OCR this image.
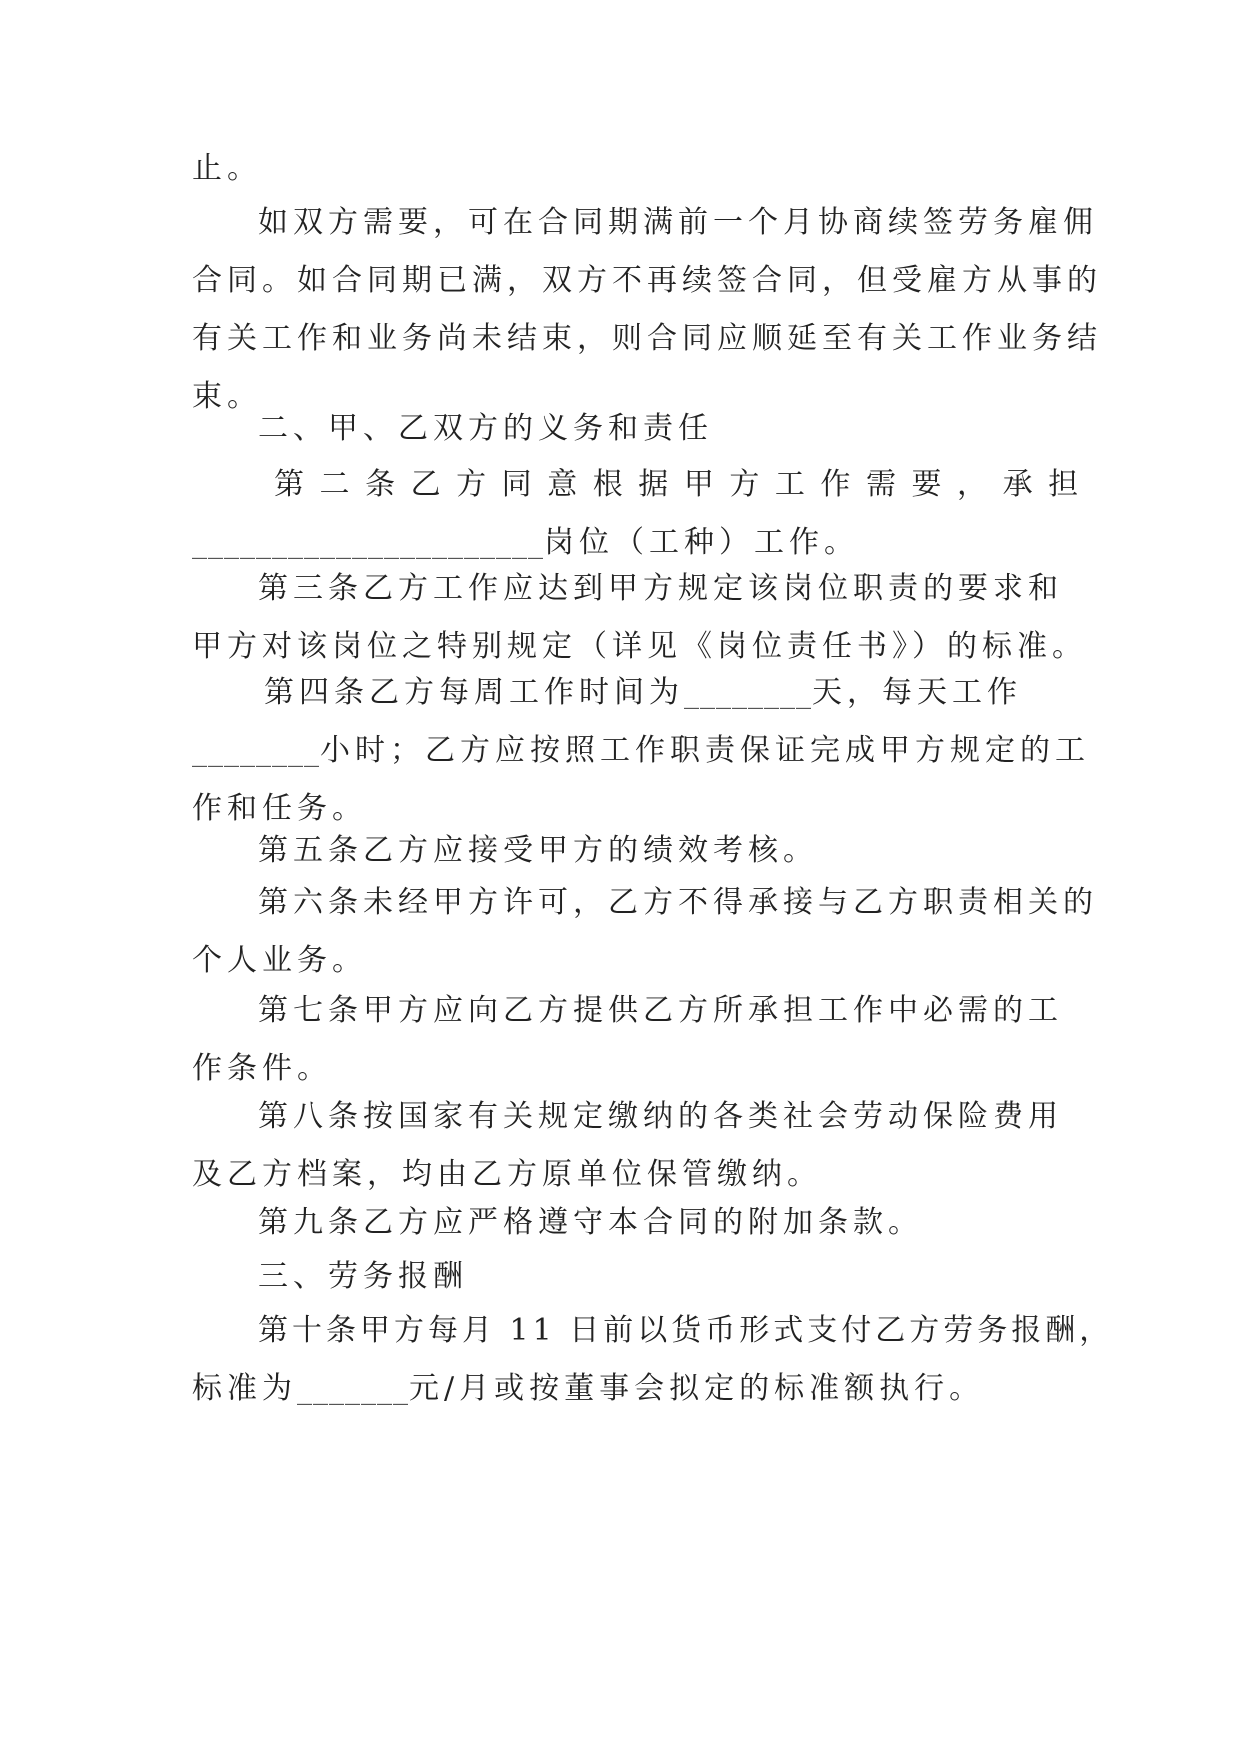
止。
如双方需要，可在合同期满前一个月协商续签劳务雇佣
合同。如合同期已满，双方不再续签合同，但受雇方从事的
有关工作和业务尚未结束，则合同应顺延至有关工作业务结
束。
二、甲、乙双方的义务和责任
第 二 条 乙 方 同 意 根 据 甲 方 工 作 需 要 ， 承 担
______________________岗位（工种）工作。
第三条乙方工作应达到甲方规定该岗位职责的要求和
甲方对该岗位之特别规定（详见《岗位责任书》）的标准。
第四条乙方每周工作时间为________天，每天工作
________小时；乙方应按照工作职责保证完成甲方规定的工
作和任务。
第五条乙方应接受甲方的绩效考核。
第六条未经甲方许可，乙方不得承接与乙方职责相关的
个人业务。
第七条甲方应向乙方提供乙方所承担工作中必需的工
作条件。
第八条按国家有关规定缴纳的各类社会劳动保险费用
及乙方档案，均由乙方原单位保管缴纳。
第九条乙方应严格遵守本合同的附加条款。
三、劳务报酬
第十条甲方每月 11 日前以货币形式支付乙方劳务报酬，
标准为_______元/月或按董事会拟定的标准额执行。
